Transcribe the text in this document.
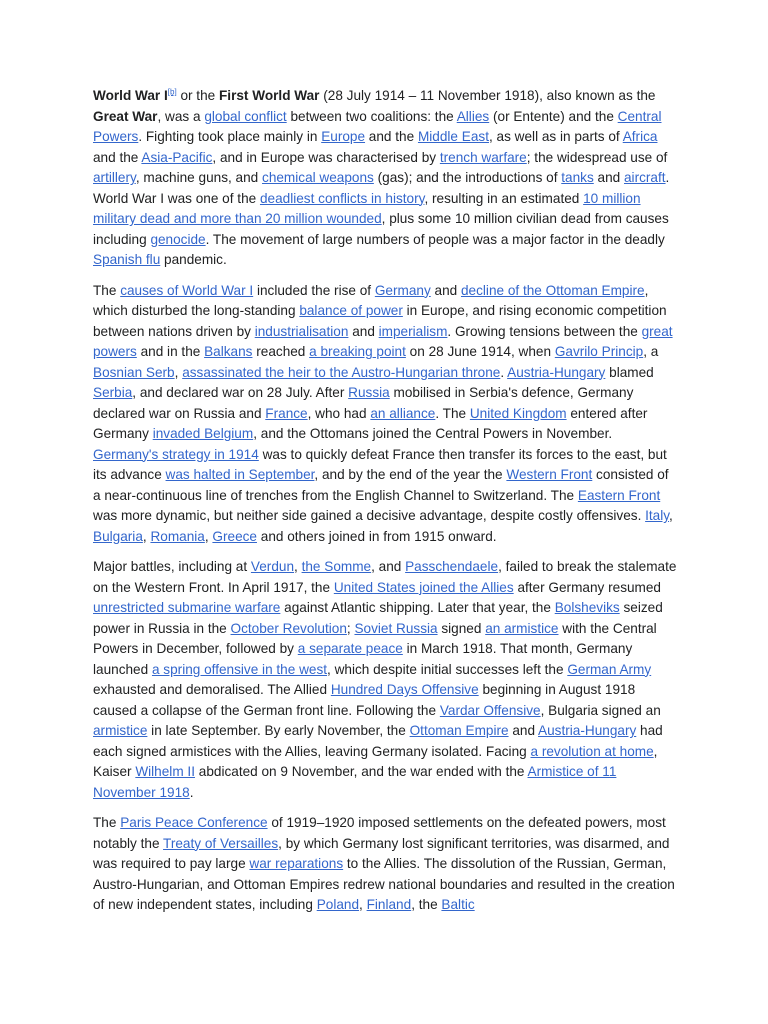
World War I[b] or the First World War (28 July 1914 – 11 November 1918), also known as the Great War, was a global conflict between two coalitions: the Allies (or Entente) and the Central Powers. Fighting took place mainly in Europe and the Middle East, as well as in parts of Africa and the Asia-Pacific, and in Europe was characterised by trench warfare; the widespread use of artillery, machine guns, and chemical weapons (gas); and the introductions of tanks and aircraft. World War I was one of the deadliest conflicts in history, resulting in an estimated 10 million military dead and more than 20 million wounded, plus some 10 million civilian dead from causes including genocide. The movement of large numbers of people was a major factor in the deadly Spanish flu pandemic.

The causes of World War I included the rise of Germany and decline of the Ottoman Empire, which disturbed the long-standing balance of power in Europe, and rising economic competition between nations driven by industrialisation and imperialism. Growing tensions between the great powers and in the Balkans reached a breaking point on 28 June 1914, when Gavrilo Princip, a Bosnian Serb, assassinated the heir to the Austro-Hungarian throne. Austria-Hungary blamed Serbia, and declared war on 28 July. After Russia mobilised in Serbia's defence, Germany declared war on Russia and France, who had an alliance. The United Kingdom entered after Germany invaded Belgium, and the Ottomans joined the Central Powers in November. Germany's strategy in 1914 was to quickly defeat France then transfer its forces to the east, but its advance was halted in September, and by the end of the year the Western Front consisted of a near-continuous line of trenches from the English Channel to Switzerland. The Eastern Front was more dynamic, but neither side gained a decisive advantage, despite costly offensives. Italy, Bulgaria, Romania, Greece and others joined in from 1915 onward.

Major battles, including at Verdun, the Somme, and Passchendaele, failed to break the stalemate on the Western Front. In April 1917, the United States joined the Allies after Germany resumed unrestricted submarine warfare against Atlantic shipping. Later that year, the Bolsheviks seized power in Russia in the October Revolution; Soviet Russia signed an armistice with the Central Powers in December, followed by a separate peace in March 1918. That month, Germany launched a spring offensive in the west, which despite initial successes left the German Army exhausted and demoralised. The Allied Hundred Days Offensive beginning in August 1918 caused a collapse of the German front line. Following the Vardar Offensive, Bulgaria signed an armistice in late September. By early November, the Ottoman Empire and Austria-Hungary had each signed armistices with the Allies, leaving Germany isolated. Facing a revolution at home, Kaiser Wilhelm II abdicated on 9 November, and the war ended with the Armistice of 11 November 1918.

The Paris Peace Conference of 1919–1920 imposed settlements on the defeated powers, most notably the Treaty of Versailles, by which Germany lost significant territories, was disarmed, and was required to pay large war reparations to the Allies. The dissolution of the Russian, German, Austro-Hungarian, and Ottoman Empires redrew national boundaries and resulted in the creation of new independent states, including Poland, Finland, the Baltic
